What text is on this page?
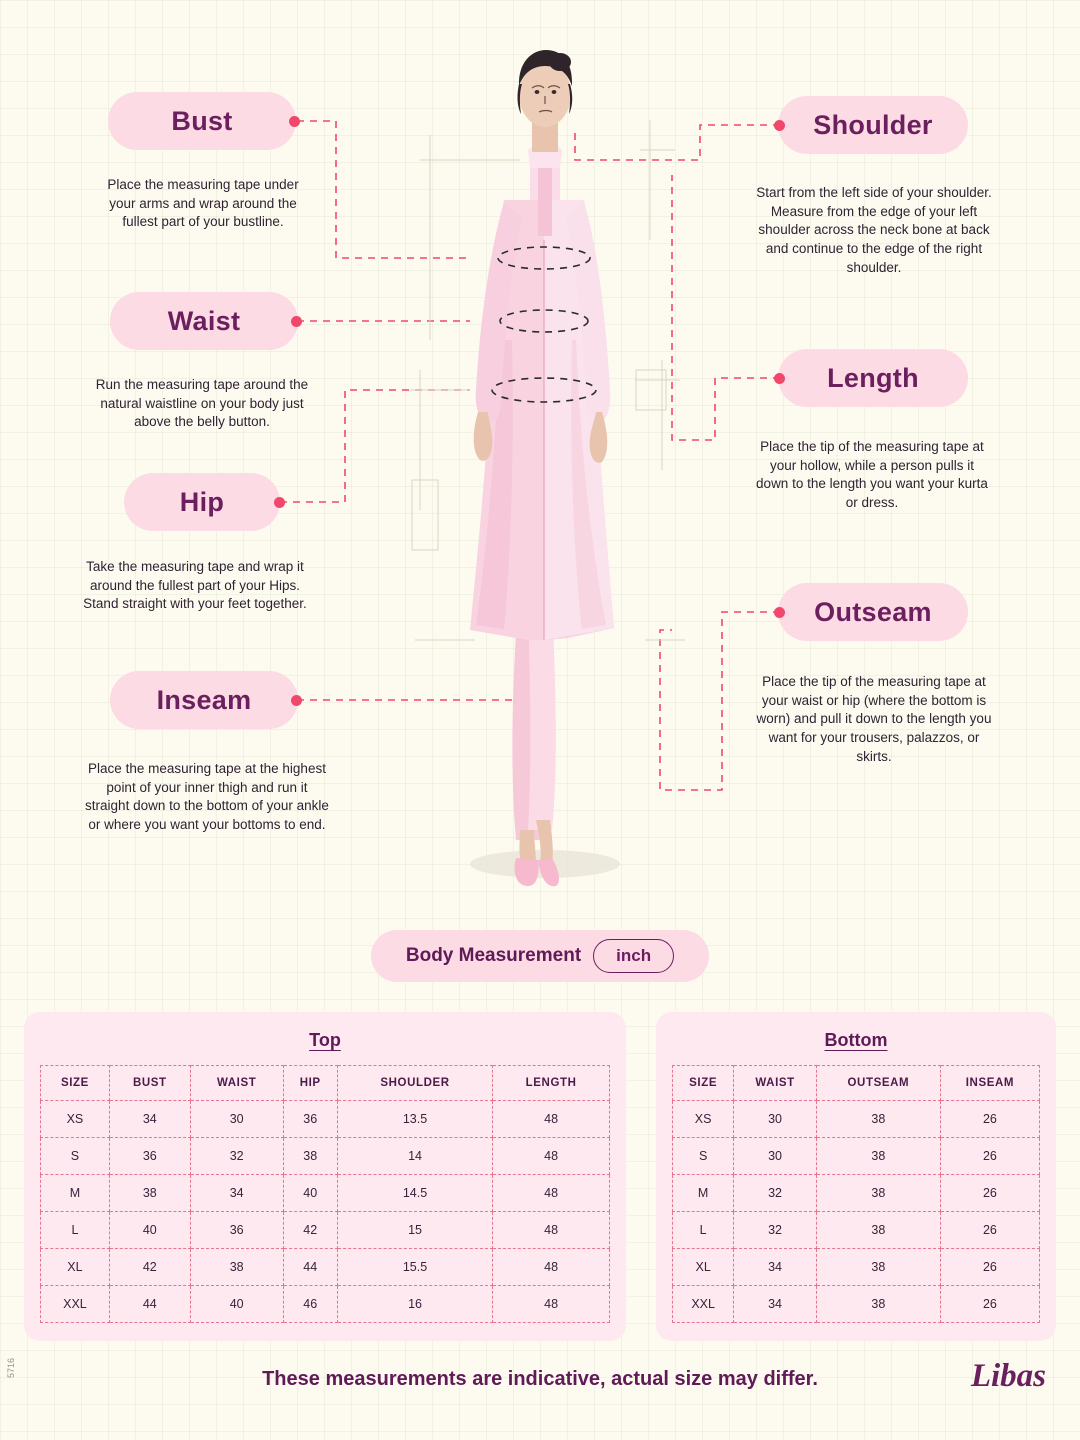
Bust
Place the measuring tape under your arms and wrap around the fullest part of your bustline.
Waist
Run the measuring tape around the natural waistline on your body just above the belly button.
Hip
Take the measuring tape and wrap it around the fullest part of your Hips. Stand straight with your feet together.
Inseam
Place the measuring tape at the highest point of your inner thigh and run it straight down to the bottom of your ankle or where you want your bottoms to end.
Shoulder
Start from the left side of your shoulder. Measure from the edge of your left shoulder across the neck bone at back and continue to the edge of the right shoulder.
Length
Place the tip of the measuring tape at your hollow, while a person pulls it down to the length you want your kurta or dress.
Outseam
Place the tip of the measuring tape at your waist or hip (where the bottom is worn) and pull it down to the length you want for your trousers, palazzos, or skirts.
Body Measurement	inch
Top
SIZE	BUST	WAIST	HIP	SHOULDER	LENGTH
XS	34	30	36	13.5	48
S	36	32	38	14	48
M	38	34	40	14.5	48
L	40	36	42	15	48
XL	42	38	44	15.5	48
XXL	44	40	46	16	48
Bottom
SIZE	WAIST	OUTSEAM	INSEAM
XS	30	38	26
S	30	38	26
M	32	38	26
L	32	38	26
XL	34	38	26
XXL	34	38	26
These measurements are indicative, actual size may differ.	Libas
5716
